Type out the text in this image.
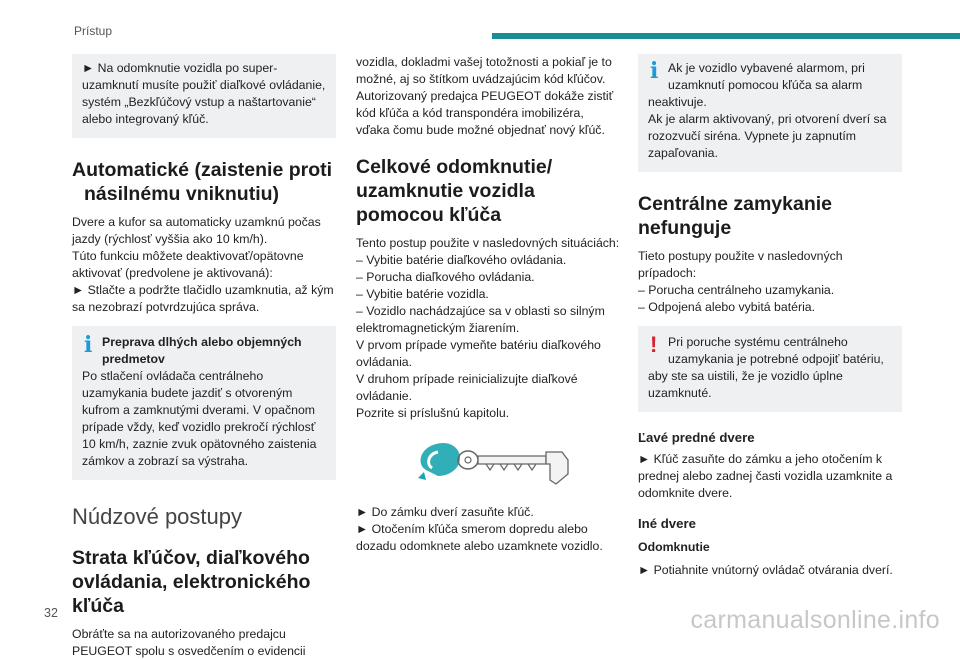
Prístup

► Na odomknutie vozidla po super-uzamknutí musíte použiť diaľkové ovládanie, systém „Bezkľúčový vstup a naštartovanie“ alebo integrovaný kľúč.

Automatické (zaistenie proti násilnému vniknutiu)

Dvere a kufor sa automaticky uzamknú počas jazdy (rýchlosť vyššia ako 10 km/h).

Túto funkciu môžete deaktivovať/opätovne aktivovať (predvolene je aktivovaná):

► Stlačte a podržte tlačidlo uzamknutia, až kým sa nezobrazí potvrdzujúca správa.

i Preprava dlhých alebo objemných predmetov

Po stlačení ovládača centrálneho uzamykania budete jazdiť s otvoreným kufrom a zamknutými dverami. V opačnom prípade vždy, keď vozidlo prekročí rýchlosť 10 km/h, zaznie zvuk opätovného zaistenia zámkov a zobrazí sa výstraha.

Núdzové postupy
Strata kľúčov, diaľkového ovládania, elektronického kľúča

Obráťte sa na autorizovaného predajcu PEUGEOT spolu s osvedčením o evidencii

vozidla, dokladmi vašej totožnosti a pokiaľ je to možné, aj so štítkom uvádzajúcim kód kľúčov. Autorizovaný predajca PEUGEOT dokáže zistiť kód kľúča a kód transpondéra imobilizéra, vďaka čomu bude možné objednať nový kľúč.

Celkové odomknutie/ uzamknutie vozidla pomocou kľúča

Tento postup použite v nasledovných situáciách:

– Vybitie batérie diaľkového ovládania.

– Porucha diaľkového ovládania.

– Vybitie batérie vozidla.

– Vozidlo nachádzajúce sa v oblasti so silným elektromagnetickým žiarením.

V prvom prípade vymeňte batériu diaľkového ovládania.

V druhom prípade reinicializujte diaľkové ovládanie.

Pozrite si príslušnú kapitolu.

► Do zámku dverí zasuňte kľúč.

► Otočením kľúča smerom dopredu alebo dozadu odomknete alebo uzamknete vozidlo.

i Ak je vozidlo vybavené alarmom, pri uzamknutí pomocou kľúča sa alarm neaktivuje.

Ak je alarm aktivovaný, pri otvorení dverí sa rozozvučí siréna. Vypnete ju zapnutím zapaľovania.

Centrálne zamykanie nefunguje

Tieto postupy použite v nasledovných prípadoch:

– Porucha centrálneho uzamykania.

– Odpojená alebo vybitá batéria.

! Pri poruche systému centrálneho uzamykania je potrebné odpojiť batériu, aby ste sa uistili, že je vozidlo úplne uzamknuté.

Ľavé predné dvere

► Kľúč zasuňte do zámku a jeho otočením k prednej alebo zadnej časti vozidla uzamknite a odomknite dvere.

Iné dvere

Odomknutie

► Potiahnite vnútorný ovládač otvárania dverí.

32	carmanualsonline.info
